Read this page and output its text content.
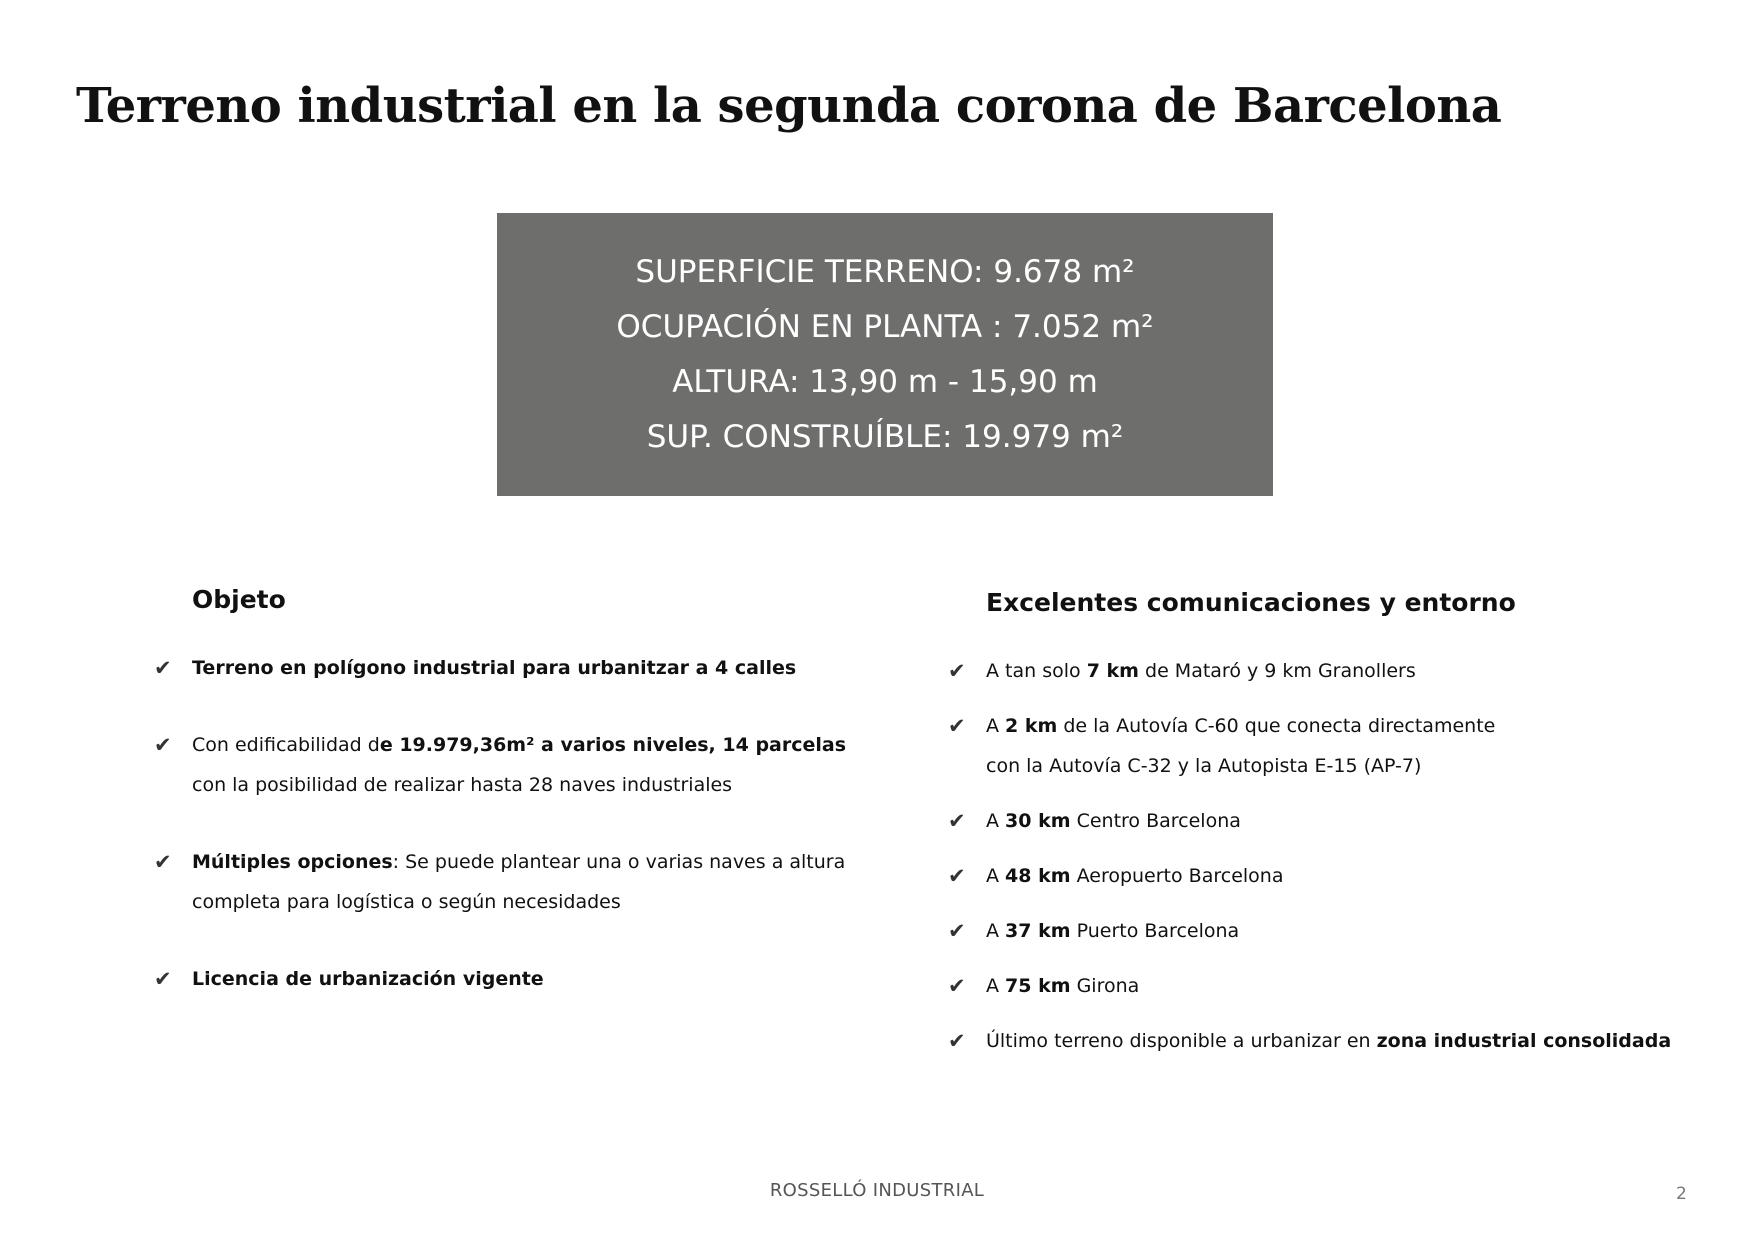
Terreno industrial en la segunda corona de Barcelona
SUPERFICIE TERRENO: 9.678 m²
OCUPACIÓN EN PLANTA : 7.052 m²
ALTURA: 13,90 m - 15,90 m
SUP. CONSTRUÍBLE: 19.979 m²
Objeto
✔ Terreno en polígono industrial para urbanitzar a 4 calles
✔ Con edificabilidad de 19.979,36m² a varios niveles, 14 parcelas
con la posibilidad de realizar hasta 28 naves industriales
✔ Múltiples opciones: Se puede plantear una o varias naves a altura
completa para logística o según necesidades
✔ Licencia de urbanización vigente
Excelentes comunicaciones y entorno
✔ A tan solo 7 km de Mataró y 9 km Granollers
✔ A 2 km de la Autovía C-60 que conecta directamente
con la Autovía C-32 y la Autopista E-15 (AP-7)
✔ A 30 km Centro Barcelona
✔ A 48 km Aeropuerto Barcelona
✔ A 37 km Puerto Barcelona
✔ A 75 km Girona
✔ Último terreno disponible a urbanizar en zona industrial consolidada
ROSSELLÓ INDUSTRIAL	2
